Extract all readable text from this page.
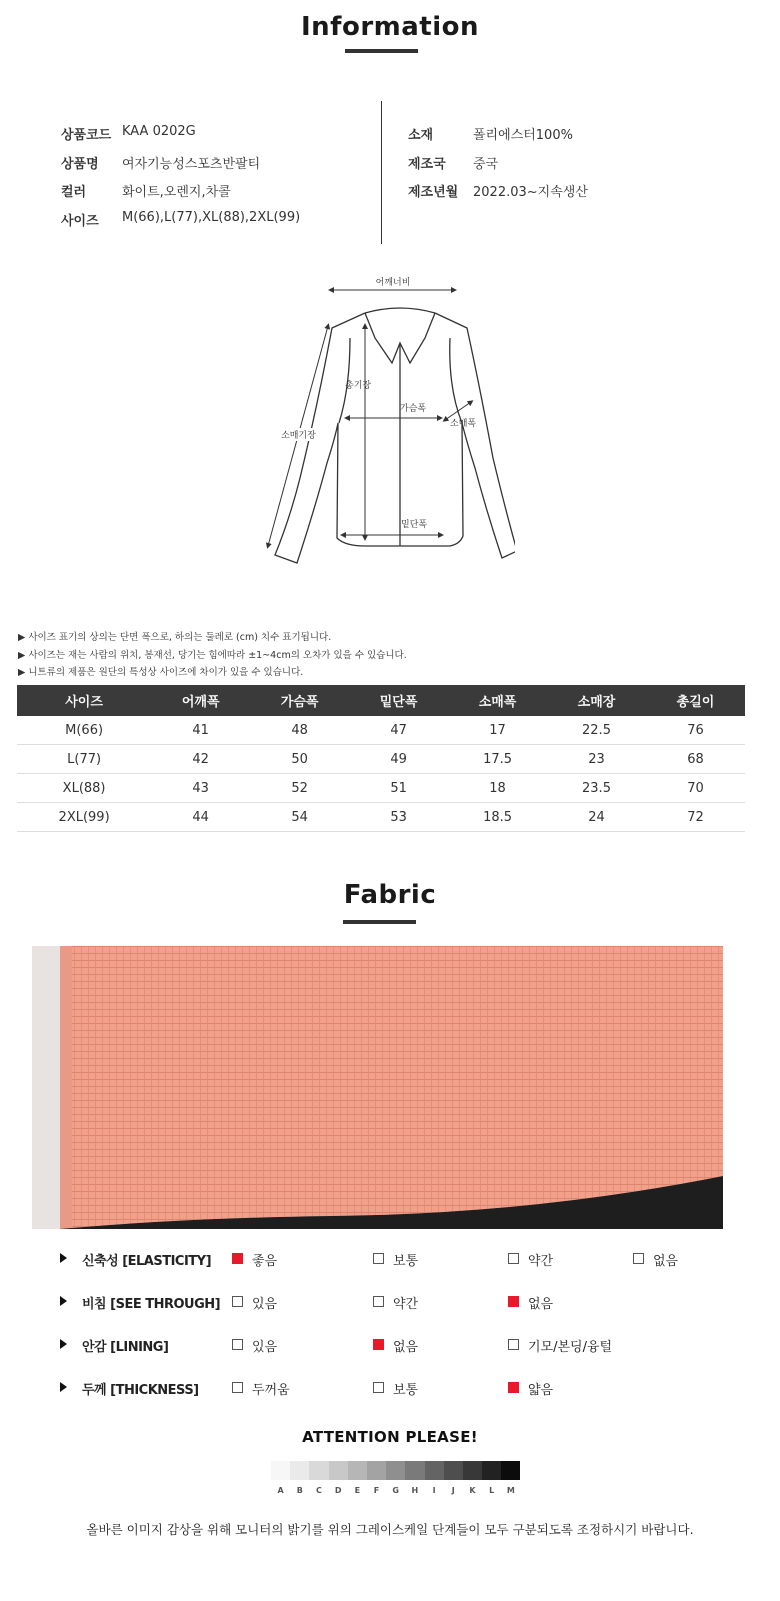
Information
상품코드 KAA 0202G
상품명 여자기능성스포츠반팔티
컬러	화이트,오렌지,차콜
사이즈 M(66),L(77),XL(88),2XL(99)
소재	폴리에스터100%
제조국 중국
제조년월 2022.03~지속생산
어깨너비
총기장
가슴폭
소매폭
소매기장
밑단폭
▶ 사이즈 표기의 상의는 단면 폭으로, 하의는 둘레로 (cm) 치수 표기됩니다.
▶ 사이즈는 재는 사람의 위치, 봉재선, 당기는 힘에따라 ±1~4cm의 오차가 있을 수 있습니다.
▶ 니트류의 제품은 원단의 특성상 사이즈에 차이가 있을 수 있습니다.
사이즈	어깨폭	가슴폭	밑단폭	소매폭	소매장	총길이
M(66)	41	48	47	17	22.5	76
L(77)	42	50	49	17.5	23	68
XL(88)	43	52	51	18	23.5	70
2XL(99)	44	54	53	18.5	24	72
Fabric
신축성 [ELASTICITY]	좋음	보통	약간	없음
비침 [SEE THROUGH] 있음	약간	없음
안감 [LINING]	있음	없음	기모/본딩/융털
두께 [THICKNESS]	두꺼움	보통	얇음
ATTENTION PLEASE!
A	B	C	D	E	F	G	H	I	J	K	L	M
올바른 이미지 감상을 위해 모니터의 밝기를 위의 그레이스케일 단계들이 모두 구분되도록 조정하시기 바랍니다.
